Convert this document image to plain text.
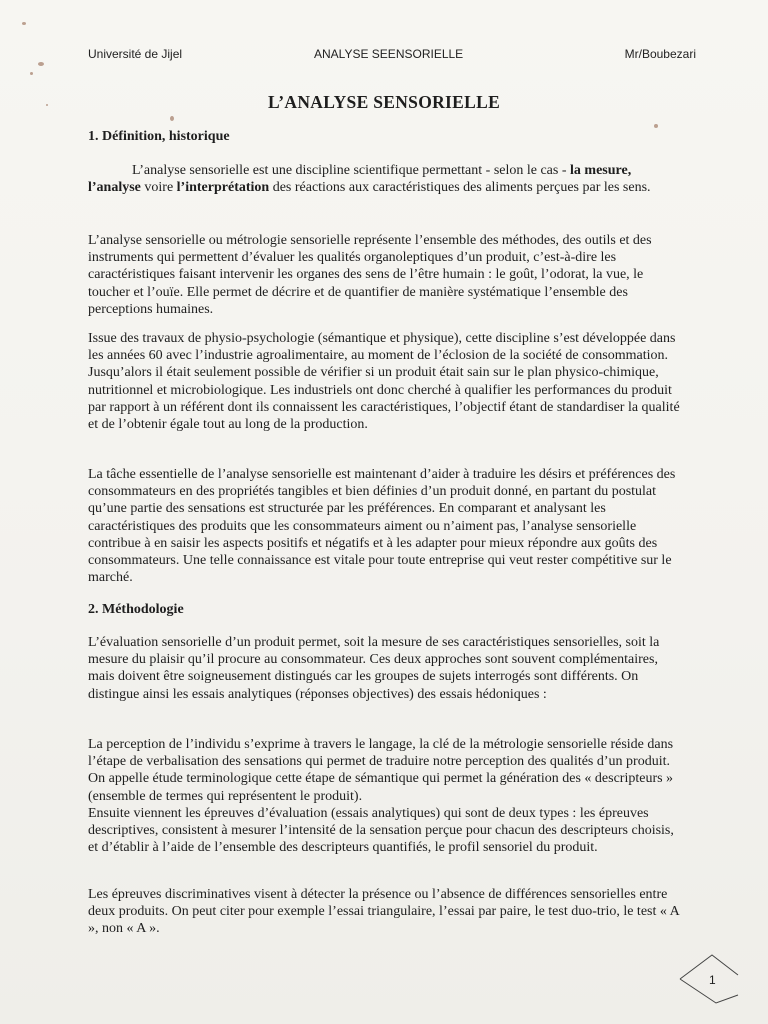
Université de Jijel	ANALYSE SEENSORIELLE	Mr/Boubezari
L’ANALYSE SENSORIELLE
1. Définition, historique

L’analyse sensorielle est une discipline scientifique permettant - selon le cas - la mesure, l’analyse voire l’interprétation des réactions aux caractéristiques des aliments perçues par les sens.

L’analyse sensorielle ou métrologie sensorielle représente l’ensemble des méthodes, des outils et des instruments qui permettent d’évaluer les qualités organoleptiques d’un produit, c’est-à-dire les caractéristiques faisant intervenir les organes des sens de l’être humain : le goût, l’odorat, la vue, le toucher et l’ouïe. Elle permet de décrire et de quantifier de manière systématique l’ensemble des perceptions humaines.

Issue des travaux de physio-psychologie (sémantique et physique), cette discipline s’est développée dans les années 60 avec l’industrie agroalimentaire, au moment de l’éclosion de la société de consommation. Jusqu’alors il était seulement possible de vérifier si un produit était sain sur le plan physico-chimique, nutritionnel et microbiologique. Les industriels ont donc cherché à qualifier les performances du produit par rapport à un référent dont ils connaissent les caractéristiques, l’objectif étant de standardiser la qualité et de l’obtenir égale tout au long de la production.

La tâche essentielle de l’analyse sensorielle est maintenant d’aider à traduire les désirs et préférences des consommateurs en des propriétés tangibles et bien définies d’un produit donné, en partant du postulat qu’une partie des sensations est structurée par les préférences. En comparant et analysant les caractéristiques des produits que les consommateurs aiment ou n’aiment pas, l’analyse sensorielle contribue à en saisir les aspects positifs et négatifs et à les adapter pour mieux répondre aux goûts des consommateurs. Une telle connaissance est vitale pour toute entreprise qui veut rester compétitive sur le marché.

2. Méthodologie

L’évaluation sensorielle d’un produit permet, soit la mesure de ses caractéristiques sensorielles, soit la mesure du plaisir qu’il procure au consommateur. Ces deux approches sont souvent complémentaires, mais doivent être soigneusement distingués car les groupes de sujets interrogés sont différents. On distingue ainsi les essais analytiques (réponses objectives) des essais hédoniques :

La perception de l’individu s’exprime à travers le langage, la clé de la métrologie sensorielle réside dans l’étape de verbalisation des sensations qui permet de traduire notre perception des qualités d’un produit. On appelle étude terminologique cette étape de sémantique qui permet la génération des « descripteurs » (ensemble de termes qui représentent le produit).

Ensuite viennent les épreuves d’évaluation (essais analytiques) qui sont de deux types : les épreuves descriptives, consistent à mesurer l’intensité de la sensation perçue pour chacun des descripteurs choisis, et d’établir à l’aide de l’ensemble des descripteurs quantifiés, le profil sensoriel du produit.

Les épreuves discriminatives visent à détecter la présence ou l’absence de différences sensorielles entre deux produits. On peut citer pour exemple l’essai triangulaire, l’essai par paire, le test duo-trio, le test « A », non « A ».

1
